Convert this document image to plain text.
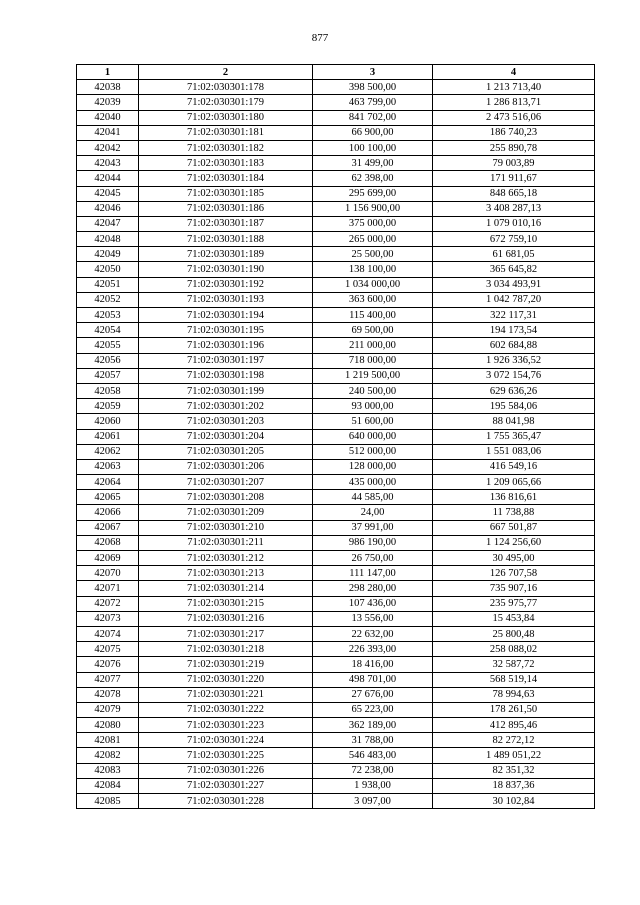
877
1	2	3	4
42038	71:02:030301:178	398 500,00	1 213 713,40
42039	71:02:030301:179	463 799,00	1 286 813,71
42040	71:02:030301:180	841 702,00	2 473 516,06
42041	71:02:030301:181	66 900,00	186 740,23
42042	71:02:030301:182	100 100,00	255 890,78
42043	71:02:030301:183	31 499,00	79 003,89
42044	71:02:030301:184	62 398,00	171 911,67
42045	71:02:030301:185	295 699,00	848 665,18
42046	71:02:030301:186	1 156 900,00	3 408 287,13
42047	71:02:030301:187	375 000,00	1 079 010,16
42048	71:02:030301:188	265 000,00	672 759,10
42049	71:02:030301:189	25 500,00	61 681,05
42050	71:02:030301:190	138 100,00	365 645,82
42051	71:02:030301:192	1 034 000,00	3 034 493,91
42052	71:02:030301:193	363 600,00	1 042 787,20
42053	71:02:030301:194	115 400,00	322 117,31
42054	71:02:030301:195	69 500,00	194 173,54
42055	71:02:030301:196	211 000,00	602 684,88
42056	71:02:030301:197	718 000,00	1 926 336,52
42057	71:02:030301:198	1 219 500,00	3 072 154,76
42058	71:02:030301:199	240 500,00	629 636,26
42059	71:02:030301:202	93 000,00	195 584,06
42060	71:02:030301:203	51 600,00	88 041,98
42061	71:02:030301:204	640 000,00	1 755 365,47
42062	71:02:030301:205	512 000,00	1 551 083,06
42063	71:02:030301:206	128 000,00	416 549,16
42064	71:02:030301:207	435 000,00	1 209 065,66
42065	71:02:030301:208	44 585,00	136 816,61
42066	71:02:030301:209	24,00	11 738,88
42067	71:02:030301:210	37 991,00	667 501,87
42068	71:02:030301:211	986 190,00	1 124 256,60
42069	71:02:030301:212	26 750,00	30 495,00
42070	71:02:030301:213	111 147,00	126 707,58
42071	71:02:030301:214	298 280,00	735 907,16
42072	71:02:030301:215	107 436,00	235 975,77
42073	71:02:030301:216	13 556,00	15 453,84
42074	71:02:030301:217	22 632,00	25 800,48
42075	71:02:030301:218	226 393,00	258 088,02
42076	71:02:030301:219	18 416,00	32 587,72
42077	71:02:030301:220	498 701,00	568 519,14
42078	71:02:030301:221	27 676,00	78 994,63
42079	71:02:030301:222	65 223,00	178 261,50
42080	71:02:030301:223	362 189,00	412 895,46
42081	71:02:030301:224	31 788,00	82 272,12
42082	71:02:030301:225	546 483,00	1 489 051,22
42083	71:02:030301:226	72 238,00	82 351,32
42084	71:02:030301:227	1 938,00	18 837,36
42085	71:02:030301:228	3 097,00	30 102,84
